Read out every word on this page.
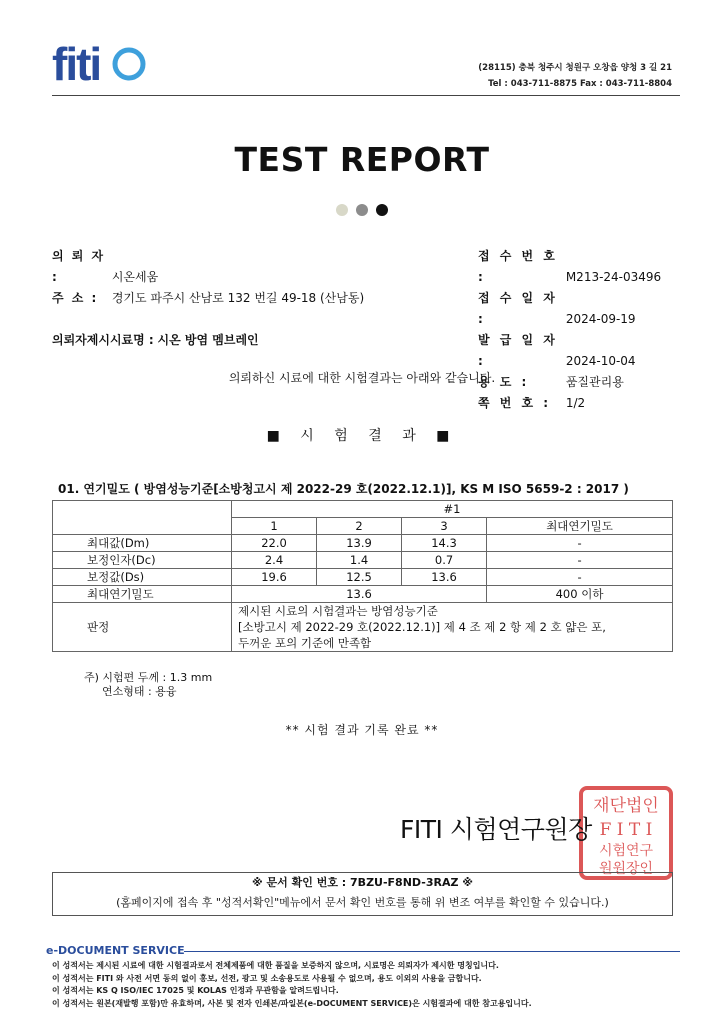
fiti	(28115) 충북 청주시 청원구 오창읍 양청 3 길 21
Tel : 043-711-8875 Fax : 043-711-8804
TEST REPORT
의 뢰 자 :	시온세움
주 소 : 경기도 파주시 산남로 132 번길 49-18 (산남동)
의뢰자제시시료명 : 시온 방염 멤브레인
접 수 번 호 :	M213-24-03496
접 수 일 자 :	2024-09-19
발 급 일 자 :	2024-10-04
용 도 :	품질관리용
쪽 번 호 : 1/2
의뢰하신 시료에 대한 시험결과는 아래와 같습니다.
■ 시 험 결 과 ■
01. 연기밀도 ( 방염성능기준[소방청고시 제 2022-29 호(2022.12.1)], KS M ISO 5659-2 : 2017 )
	#1			
	1	2	3	최대연기밀도
최대값(Dm)	22.0	13.9	14.3	-
보정인자(Dc)	2.4	1.4	0.7	-
보정값(Ds)	19.6	12.5	13.6	-
최대연기밀도	13.6			400 이하
판정	제시된 시료의 시험결과는 방염성능기준
[소방고시 제 2022-29 호(2022.12.1)] 제 4 조 제 2 항 제 2 호 얇은 포,
두꺼운 포의 기준에 만족함			
주) 시험편 두께 : 1.3 mm
연소형태 : 용융
** 시험 결과 기록 완료 **
재단법인
F I T I
시험연구
원원장인
FITI 시험연구원장
※ 문서 확인 번호 : 7BZU-F8ND-3RAZ ※
(홈페이지에 접속 후 "성적서확인"메뉴에서 문서 확인 번호를 통해 위 변조 여부를 확인할 수 있습니다.)
e-DOCUMENT SERVICE
이 성적서는 제시된 시료에 대한 시험결과로서 전체제품에 대한 품질을 보증하지 않으며, 시료명은 의뢰자가 제시한 명칭입니다.
이 성적서는 FITI 와 사전 서면 동의 없이 홍보, 선전, 광고 및 소송용도로 사용될 수 없으며, 용도 이외의 사용을 금합니다.
이 성적서는 KS Q ISO/IEC 17025 및 KOLAS 인정과 무관함을 알려드립니다.
이 성적서는 원본(재발행 포함)만 유효하며, 사본 및 전자 인쇄본/파일본(e-DOCUMENT SERVICE)은 시험결과에 대한 참고용입니다.
